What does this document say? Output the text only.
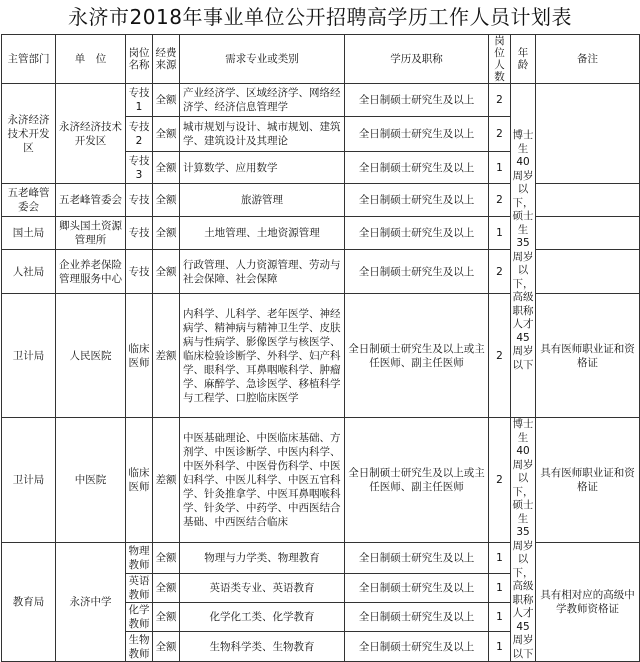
永济市2018年事业单位公开招聘高学历工作人员计划表
主管部门	单　位	岗位名称	经费来源	需求专业或类别	学历及职称	岗位人数	年龄	备注
永济经济技术开发区	永济经济技术开发区	专技1	全额	产业经济学、区域经济学、网络经济学、经济信息管理学	全日制硕士研究生及以上	2	博士生40周岁以下，硕士生35周岁以下，高级职称人才45周岁以下	
		专技2	全额	城市规划与设计、城市规划、建筑学、建筑设计及其理论	全日制硕士研究生及以上	2		
		专技3	全额	计算数学、应用数学	全日制硕士研究生及以上	1		
五老峰管委会	五老峰管委会	专技	全额	旅游管理	全日制硕士研究生及以上	2		
国土局	卿头国土资源管理所	专技	全额	土地管理、土地资源管理	全日制硕士研究生及以上	1		
人社局	企业养老保险管理服务中心	专技	全额	行政管理、人力资源管理、劳动与社会保障、社会保障	全日制硕士研究生及以上	2		
卫计局	人民医院	临床医师	差额	内科学、儿科学、老年医学、神经病学、精神病与精神卫生学、皮肤病与性病学、影像医学与核医学、临床检验诊断学、外科学、妇产科学、眼科学、耳鼻咽喉科学、肿瘤学、麻醉学、急诊医学、移植科学与工程学、口腔临床医学	全日制硕士研究生及以上或主任医师、副主任医师	2		具有医师职业证和资格证
卫计局	中医院	临床医师	差额	中医基础理论、中医临床基础、方剂学、中医诊断学、中医内科学、中医外科学、中医骨伤科学、中医妇科学、中医儿科学、中医五官科学、针灸推拿学、中医耳鼻咽喉科学、针灸学、中药学、中西医结合基础、中西医结合临床	全日制硕士研究生及以上或主任医师、副主任医师	2	博士生40周岁以下，硕士生35周岁以下，高级职称人才45周岁以下	具有医师职业证和资格证
教育局	永济中学	物理教师	全额	物理与力学类、物理教育	全日制硕士研究生及以上	1		具有相对应的高级中学教师资格证
		英语教师	全额	英语类专业、英语教育	全日制硕士研究生及以上	1		
		化学教师	全额	化学化工类、化学教育	全日制硕士研究生及以上	1		
		生物教师	全额	生物科学类、生物教育	全日制硕士研究生及以上	1		
